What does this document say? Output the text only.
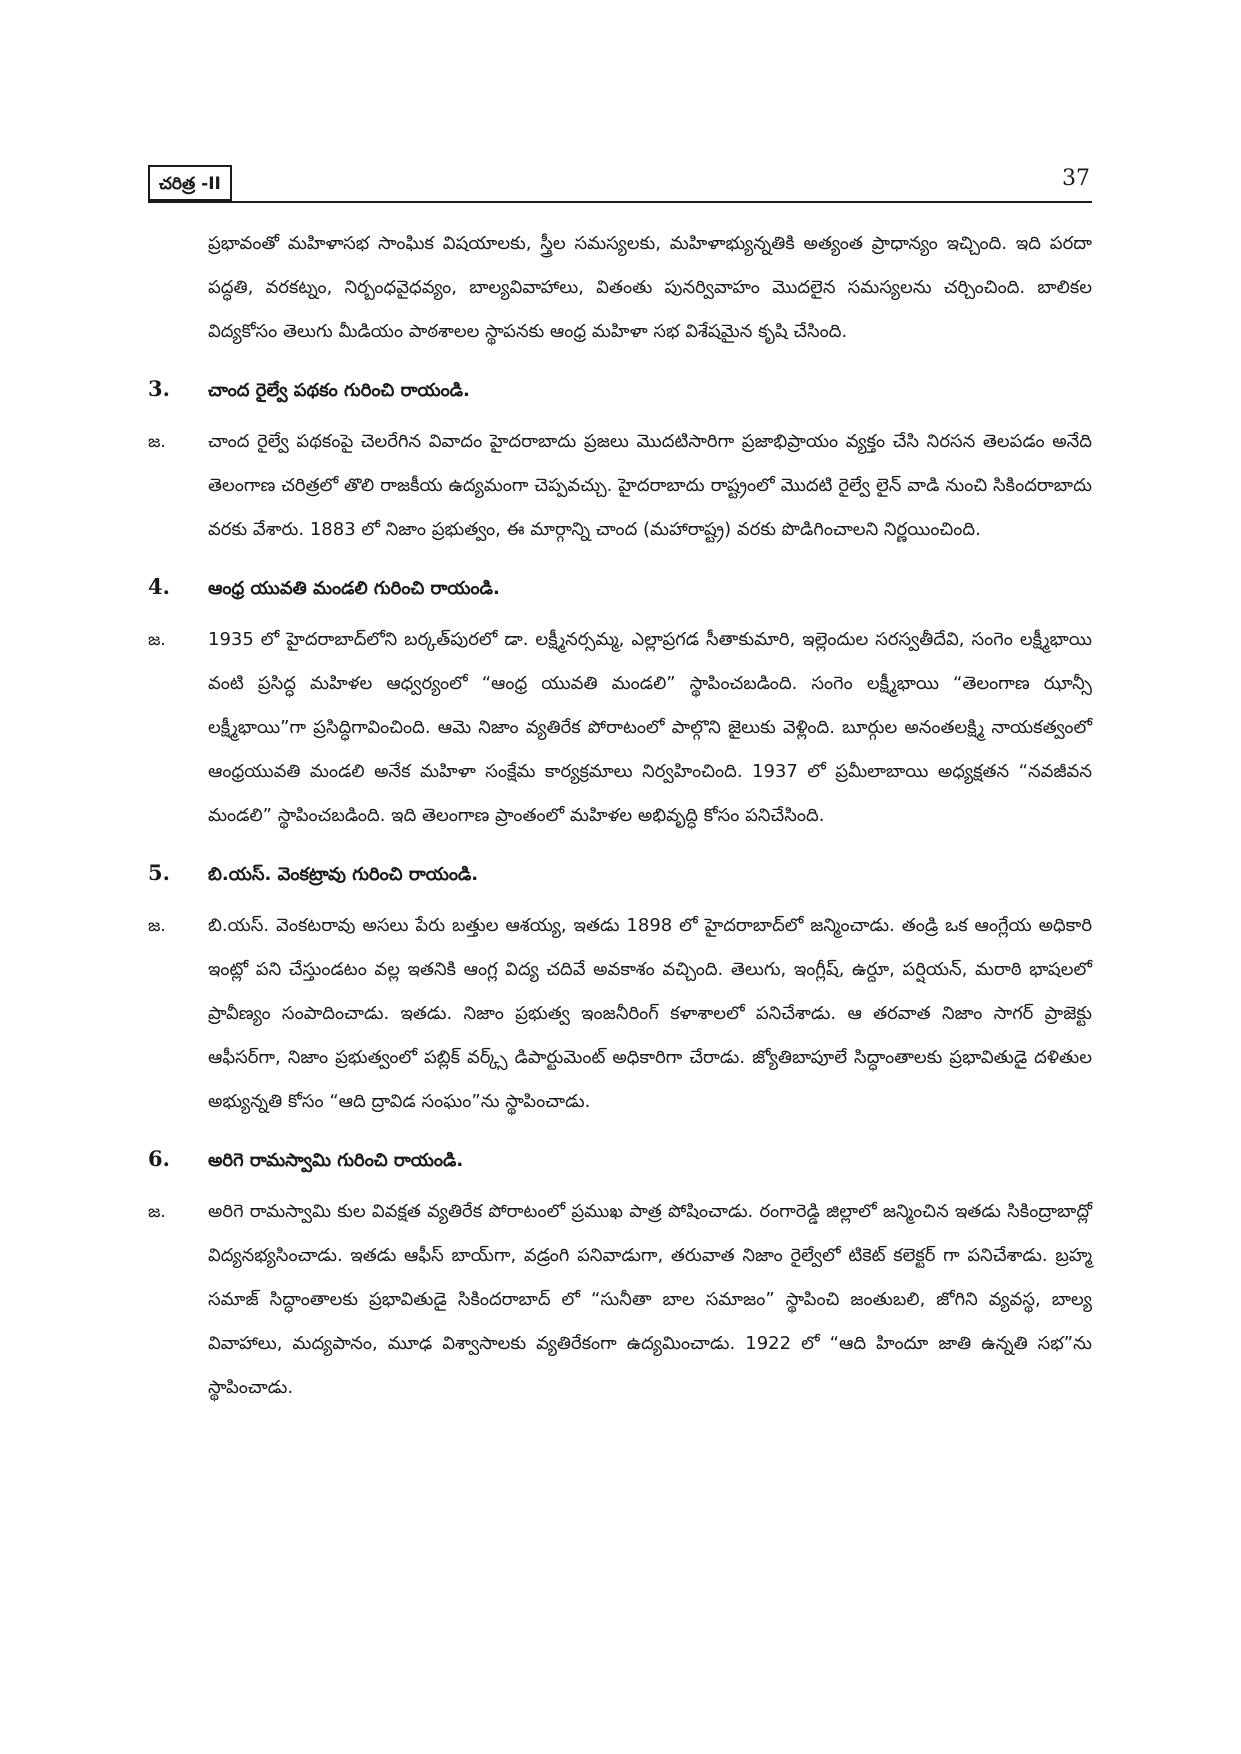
చరిత్ర -II	37

ప్రభావంతో మహిళాసభ సాంఘిక విషయాలకు, స్త్రీల సమస్యలకు, మహిళాభ్యున్నతికి అత్యంత ప్రాధాన్యం ఇచ్చింది. ఇది పరదా పద్ధతి, వరకట్నం, నిర్బంధవైధవ్యం, బాల్యవివాహాలు, వితంతు పునర్వివాహం మొదలైన సమస్యలను చర్చించింది. బాలికల విద్యకోసం తెలుగు మీడియం పాఠశాలల స్థాపనకు ఆంధ్ర మహిళా సభ విశేషమైన కృషి చేసింది.

3.	చాంద రైల్వే పథకం గురించి రాయండి.
జ.	చాంద రైల్వే పథకంపై చెలరేగిన వివాదం హైదరాబాదు ప్రజలు మొదటిసారిగా ప్రజాభిప్రాయం వ్యక్తం చేసి నిరసన తెలపడం అనేది తెలంగాణ చరిత్రలో తొలి రాజకీయ ఉద్యమంగా చెప్పవచ్చు. హైదరాబాదు రాష్ట్రంలో మొదటి రైల్వే లైన్ వాడి నుంచి సికిందరాబాదు వరకు వేశారు. 1883 లో నిజాం ప్రభుత్వం, ఈ మార్గాన్ని చాంద (మహారాష్ట్ర) వరకు పొడిగించాలని నిర్ణయించింది.

4.	ఆంధ్ర యువతి మండలి గురించి రాయండి.
జ.	1935 లో హైదరాబాద్‌లోని బర్కత్‌పురలో డా. లక్ష్మీనర్సమ్మ, ఎల్లాప్రగడ సీతాకుమారి, ఇల్లెందుల సరస్వతీదేవి, సంగెం లక్ష్మీభాయి వంటి ప్రసిద్ధ మహిళల ఆధ్వర్యంలో “ఆంధ్ర యువతి మండలి” స్థాపించబడింది. సంగెం లక్ష్మీభాయి “తెలంగాణ ఝాన్సీ లక్ష్మీభాయి”గా ప్రసిద్ధిగావించింది. ఆమె నిజాం వ్యతిరేక పోరాటంలో పాల్గొని జైలుకు వెళ్లింది. బూర్గుల అనంతలక్ష్మి నాయకత్వంలో ఆంధ్రయువతి మండలి అనేక మహిళా సంక్షేమ కార్యక్రమాలు నిర్వహించింది. 1937 లో ప్రమీలాబాయి అధ్యక్షతన “నవజీవన మండలి” స్థాపించబడింది. ఇది తెలంగాణ ప్రాంతంలో మహిళల అభివృద్ధి కోసం పనిచేసింది.

5.	బి.యస్. వెంకట్రావు గురించి రాయండి.
జ.	బి.యస్. వెంకటరావు అసలు పేరు బత్తుల ఆశయ్య, ఇతడు 1898 లో హైదరాబాద్‌లో జన్మించాడు. తండ్రి ఒక ఆంగ్లేయ అధికారి ఇంట్లో పని చేస్తుండటం వల్ల ఇతనికి ఆంగ్ల విద్య చదివే అవకాశం వచ్చింది. తెలుగు, ఇంగ్లీష్, ఉర్దూ, పర్షియన్, మరాఠి భాషలలో ప్రావీణ్యం సంపాదించాడు. ఇతడు. నిజాం ప్రభుత్వ ఇంజనీరింగ్ కళాశాలలో పనిచేశాడు. ఆ తరవాత నిజాం సాగర్ ప్రాజెక్టు ఆఫీసర్‌గా, నిజాం ప్రభుత్వంలో పబ్లిక్ వర్క్స్ డిపార్టుమెంట్ అధికారిగా చేరాడు. జ్యోతిబాపూలే సిద్ధాంతాలకు ప్రభావితుడై దళితుల అభ్యున్నతి కోసం “ఆది ద్రావిడ సంఘం”ను స్థాపించాడు.

6.	అరిగె రామస్వామి గురించి రాయండి.
జ.	అరిగె రామస్వామి కుల వివక్షత వ్యతిరేక పోరాటంలో ప్రముఖ పాత్ర పోషించాడు. రంగారెడ్డి జిల్లాలో జన్మించిన ఇతడు సికింద్రాబాద్లో విద్యనభ్యసించాడు. ఇతడు ఆఫీస్ బాయ్‌గా, వడ్రంగి పనివాడుగా, తరువాత నిజాం రైల్వేలో టికెట్ కలెక్టర్ గా పనిచేశాడు. బ్రహ్మ సమాజ్ సిద్ధాంతాలకు ప్రభావితుడై సికిందరాబాద్ లో “సునీతా బాల సమాజం” స్థాపించి జంతుబలి, జోగిని వ్యవస్థ, బాల్య వివాహాలు, మద్యపానం, మూఢ విశ్వాసాలకు వ్యతిరేకంగా ఉద్యమించాడు. 1922 లో “ఆది హిందూ జాతి ఉన్నతి సభ”ను స్థాపించాడు.
